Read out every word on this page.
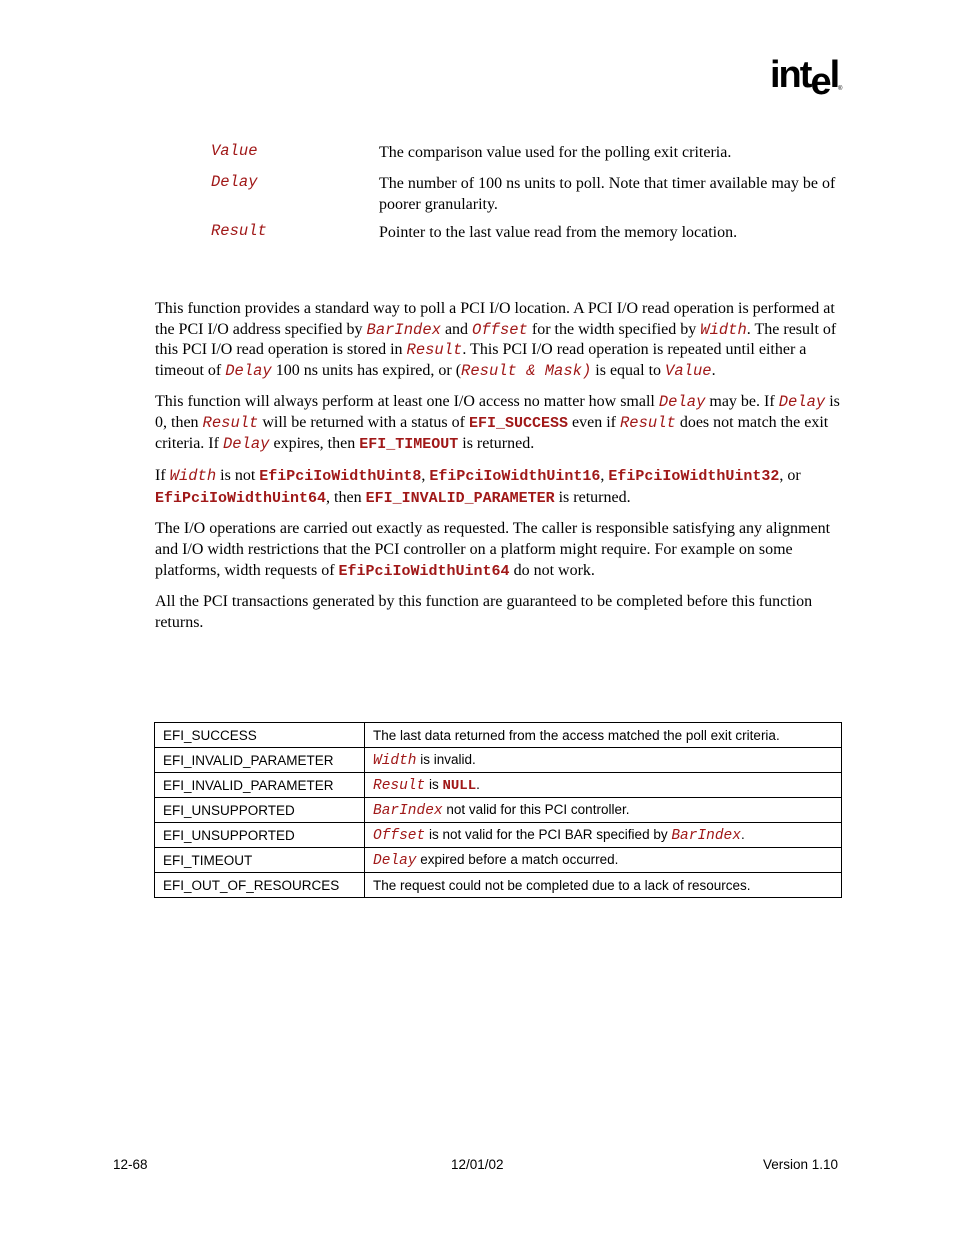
intel ®
Value	The comparison value used for the polling exit criteria.
Delay	The number of 100 ns units to poll. Note that timer available may be of poorer granularity.
Result	Pointer to the last value read from the memory location.

This function provides a standard way to poll a PCI I/O location. A PCI I/O read operation is performed at the PCI I/O address specified by BarIndex and Offset for the width specified by Width. The result of this PCI I/O read operation is stored in Result. This PCI I/O read operation is repeated until either a timeout of Delay 100 ns units has expired, or (Result & Mask) is equal to Value.

This function will always perform at least one I/O access no matter how small Delay may be. If Delay is 0, then Result will be returned with a status of EFI_SUCCESS even if Result does not match the exit criteria. If Delay expires, then EFI_TIMEOUT is returned.

If Width is not EfiPciIoWidthUint8, EfiPciIoWidthUint16, EfiPciIoWidthUint32, or EfiPciIoWidthUint64, then EFI_INVALID_PARAMETER is returned.

The I/O operations are carried out exactly as requested. The caller is responsible satisfying any alignment and I/O width restrictions that the PCI controller on a platform might require. For example on some platforms, width requests of EfiPciIoWidthUint64 do not work.

All the PCI transactions generated by this function are guaranteed to be completed before this function returns.

EFI_SUCCESS	The last data returned from the access matched the poll exit criteria.
EFI_INVALID_PARAMETER	Width is invalid.
EFI_INVALID_PARAMETER	Result is NULL.
EFI_UNSUPPORTED	BarIndex not valid for this PCI controller.
EFI_UNSUPPORTED	Offset is not valid for the PCI BAR specified by BarIndex.
EFI_TIMEOUT	Delay expired before a match occurred.
EFI_OUT_OF_RESOURCES	The request could not be completed due to a lack of resources.
12-68	12/01/02	Version 1.10
